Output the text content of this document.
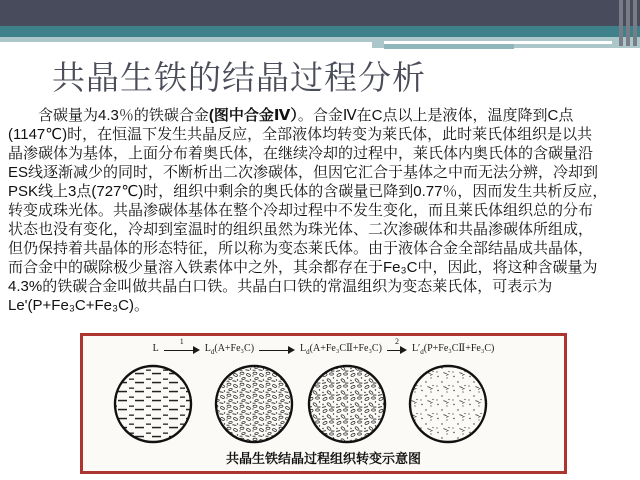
共晶生铁的结晶过程分析
　　含碳量为4.3％的铁碳合金(图中合金Ⅳ）。合金Ⅳ在C点以上是液体，温度降到C点
(1147℃)时，在恒温下发生共晶反应，全部液体均转变为莱氏体，此时莱氏体组织是以共
晶渗碳体为基体，上面分布着奥氏体，在继续冷却的过程中，莱氏体内奥氏体的含碳量沿
ES线逐渐减少的同时，不断析出二次渗碳体，但因它汇合于基体之中而无法分辨，冷却到
PSK线上3点(727℃)时，组织中剩余的奥氏体的含碳量已降到0.77％，因而发生共析反应，
转变成珠光体。共晶渗碳体基体在整个冷却过程中不发生变化，而且莱氏体组织总的分布
状态也没有变化，冷却到室温时的组织虽然为珠光体、二次渗碳体和共晶渗碳体所组成，
但仍保持着共晶体的形态特征，所以称为变态莱氏体。由于液体合金全部结晶成共晶体，
而合金中的碳除极少量溶入铁素体中之外，其余都存在于Fe₃C中，因此，将这种含碳量为
4.3%的铁碳合金叫做共晶白口铁。共晶白口铁的常温组织为变态莱氏体，可表示为
Le'(P+Fe₃C+Fe₃C)。
L
1
$L_d(A+Fe_3C)$	$L_d(A+Fe_3CⅡ+Fe_3C)$
2
$L'_d(P+Fe_3CⅡ+Fe_3C)$
共晶生铁结晶过程组织转变示意图
